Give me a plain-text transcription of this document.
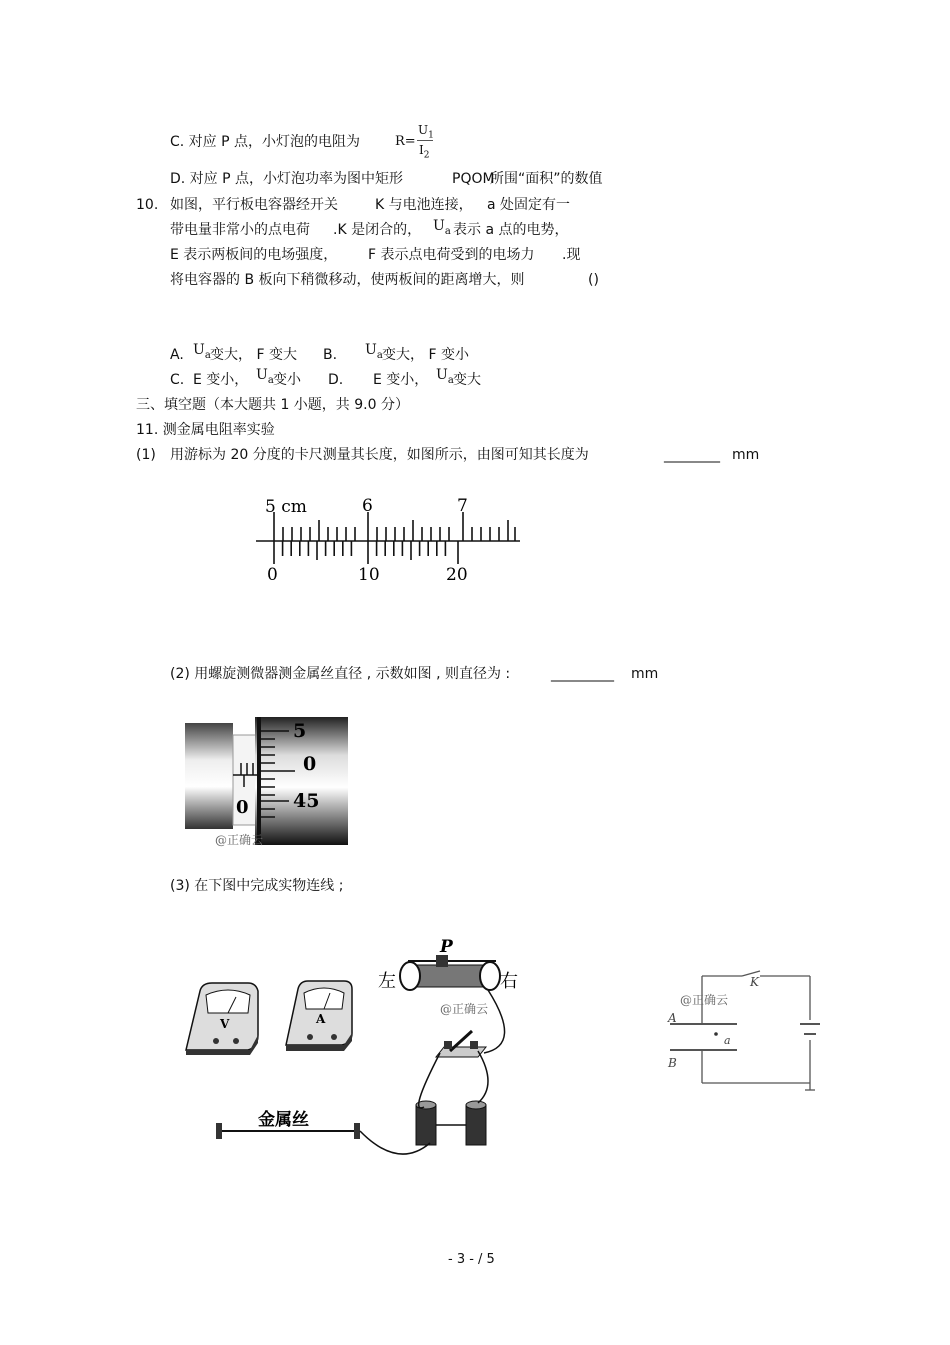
C. 对应 P 点，小灯泡的电阻为	R=
$U_1$
$I_2$
D. 对应 P 点，小灯泡功率为图中矩形	PQOM
所围“面积”的数值
10. 如图，平行板电容器经开关	K 与电池连接， a 处固定有一
带电量非常小的点电荷 .K 是闭合的， $U_a$ 表示 a 点的电势，
E 表示两板间的电场强度， F 表示点电荷受到的电场力 .现
将电容器的 B 板向下稍微移动，使两板间的距离增大，则	()
A. $U_a$ 变大， F 变大 B. $U_a$ 变大， F 变小
C. E 变小， $U_a$ 变小 D. E 变小， $U_a$ 变大
三、填空题（本大题共 1 小题，共 9.0 分）
11. 测金属电阻率实验
(1) 用游标为 20 分度的卡尺测量其长度，如图所示，由图可知其长度为	________ mm
5 cm	6	7
0	10	20
(2) 用螺旋测微器测金属丝直径 , 示数如图 , 则直径为 :	_________ mm
5
0
45
0
@正确云
(3) 在下图中完成实物连线 ;
V	A
P
左	右
@正确云
金属丝
K
A
B
a
@正确云
- 3 - / 5
